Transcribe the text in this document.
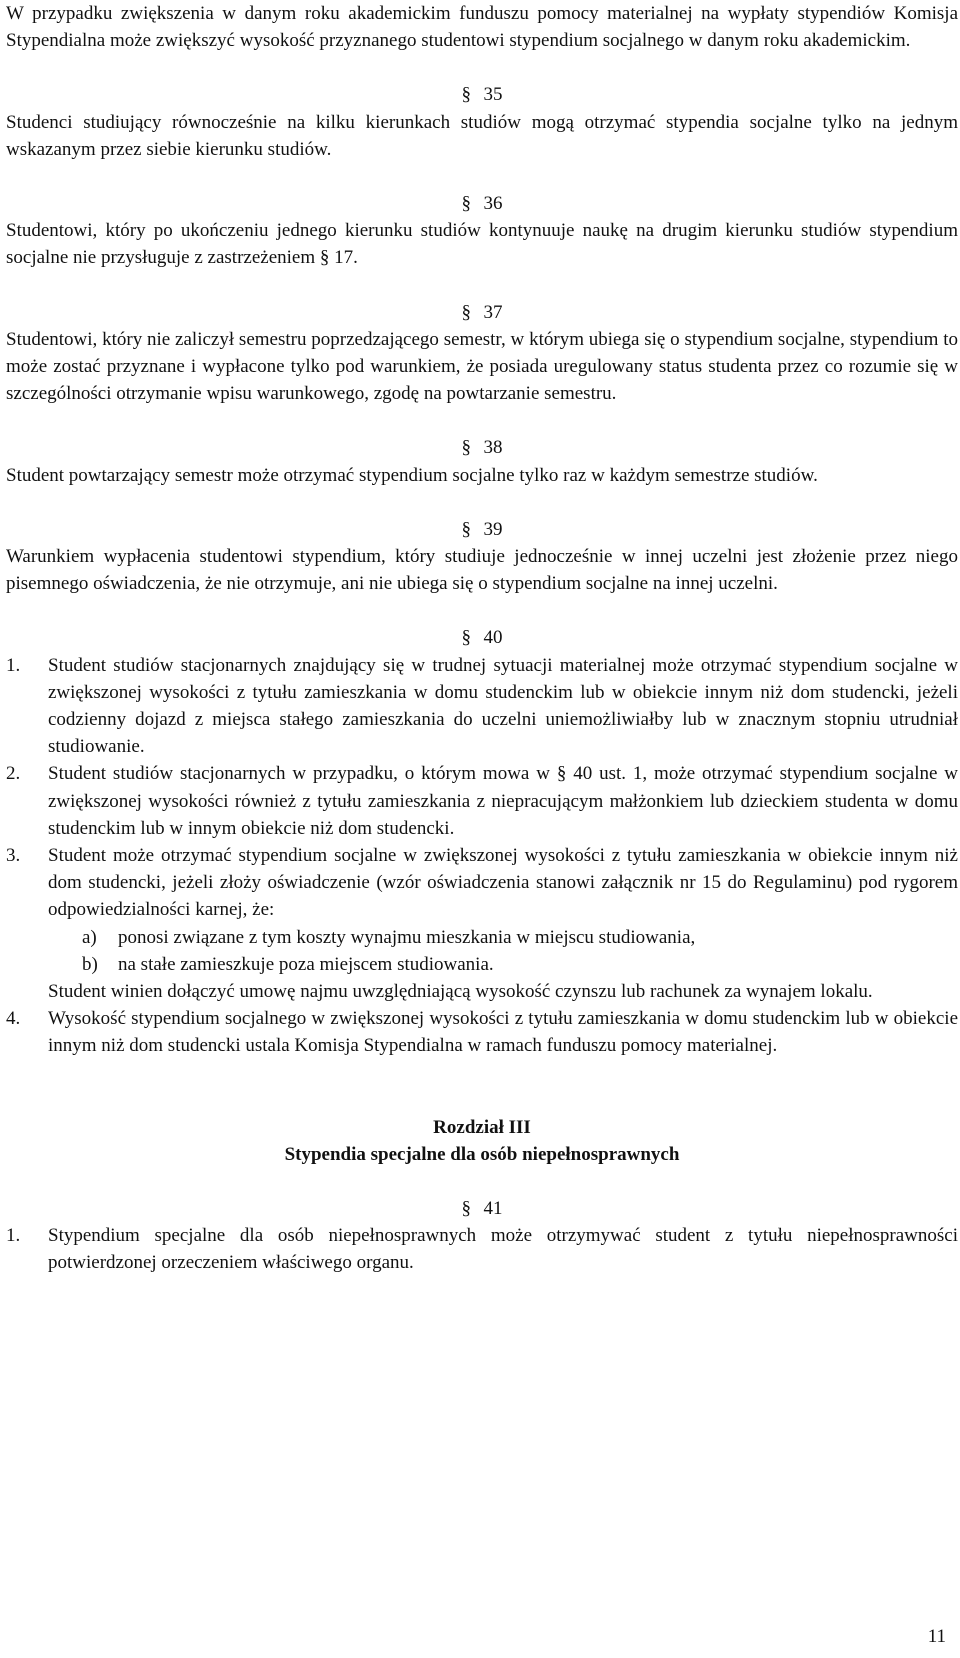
W przypadku zwiększenia w danym roku akademickim funduszu pomocy materialnej na wypłaty stypendiów Komisja Stypendialna może zwiększyć wysokość przyznanego studentowi stypendium socjalnego w danym roku akademickim.

§ 35

Studenci studiujący równocześnie na kilku kierunkach studiów mogą otrzymać stypendia socjalne tylko na jednym wskazanym przez siebie kierunku studiów.

§ 36

Studentowi, który po ukończeniu jednego kierunku studiów kontynuuje naukę na drugim kierunku studiów stypendium socjalne nie przysługuje z zastrzeżeniem § 17.

§ 37

Studentowi, który nie zaliczył semestru poprzedzającego semestr, w którym ubiega się o stypendium socjalne, stypendium to może zostać przyznane i wypłacone tylko pod warunkiem, że posiada uregulowany status studenta przez co rozumie się w szczególności otrzymanie wpisu warunkowego, zgodę na powtarzanie semestru.

§ 38

Student powtarzający semestr może otrzymać stypendium socjalne tylko raz w każdym semestrze studiów.

§ 39

Warunkiem wypłacenia studentowi stypendium, który studiuje jednocześnie w innej uczelni jest złożenie przez niego pisemnego oświadczenia, że nie otrzymuje, ani nie ubiega się o stypendium socjalne na innej uczelni.

§ 40
1. Student studiów stacjonarnych znajdujący się w trudnej sytuacji materialnej może otrzymać stypendium socjalne w zwiększonej wysokości z tytułu zamieszkania w domu studenckim lub w obiekcie innym niż dom studencki, jeżeli codzienny dojazd z miejsca stałego zamieszkania do uczelni uniemożliwiałby lub w znacznym stopniu utrudniał studiowanie.
2. Student studiów stacjonarnych w przypadku, o którym mowa w § 40 ust. 1, może otrzymać stypendium socjalne w zwiększonej wysokości również z tytułu zamieszkania z niepracującym małżonkiem lub dzieckiem studenta w domu studenckim lub w innym obiekcie niż dom studencki.
3. Student może otrzymać stypendium socjalne w zwiększonej wysokości z tytułu zamieszkania w obiekcie innym niż dom studencki, jeżeli złoży oświadczenie (wzór oświadczenia stanowi załącznik nr 15 do Regulaminu) pod rygorem odpowiedzialności karnej, że:
a) ponosi związane z tym koszty wynajmu mieszkania w miejscu studiowania,
b) na stałe zamieszkuje poza miejscem studiowania.
Student winien dołączyć umowę najmu uwzględniającą wysokość czynszu lub rachunek za wynajem lokalu.
4. Wysokość stypendium socjalnego w zwiększonej wysokości z tytułu zamieszkania w domu studenckim lub w obiekcie innym niż dom studencki ustala Komisja Stypendialna w ramach funduszu pomocy materialnej.
Rozdział III
Stypendia specjalne dla osób niepełnosprawnych
§ 41
1. Stypendium specjalne dla osób niepełnosprawnych może otrzymywać student z tytułu niepełnosprawności potwierdzonej orzeczeniem właściwego organu.
11
